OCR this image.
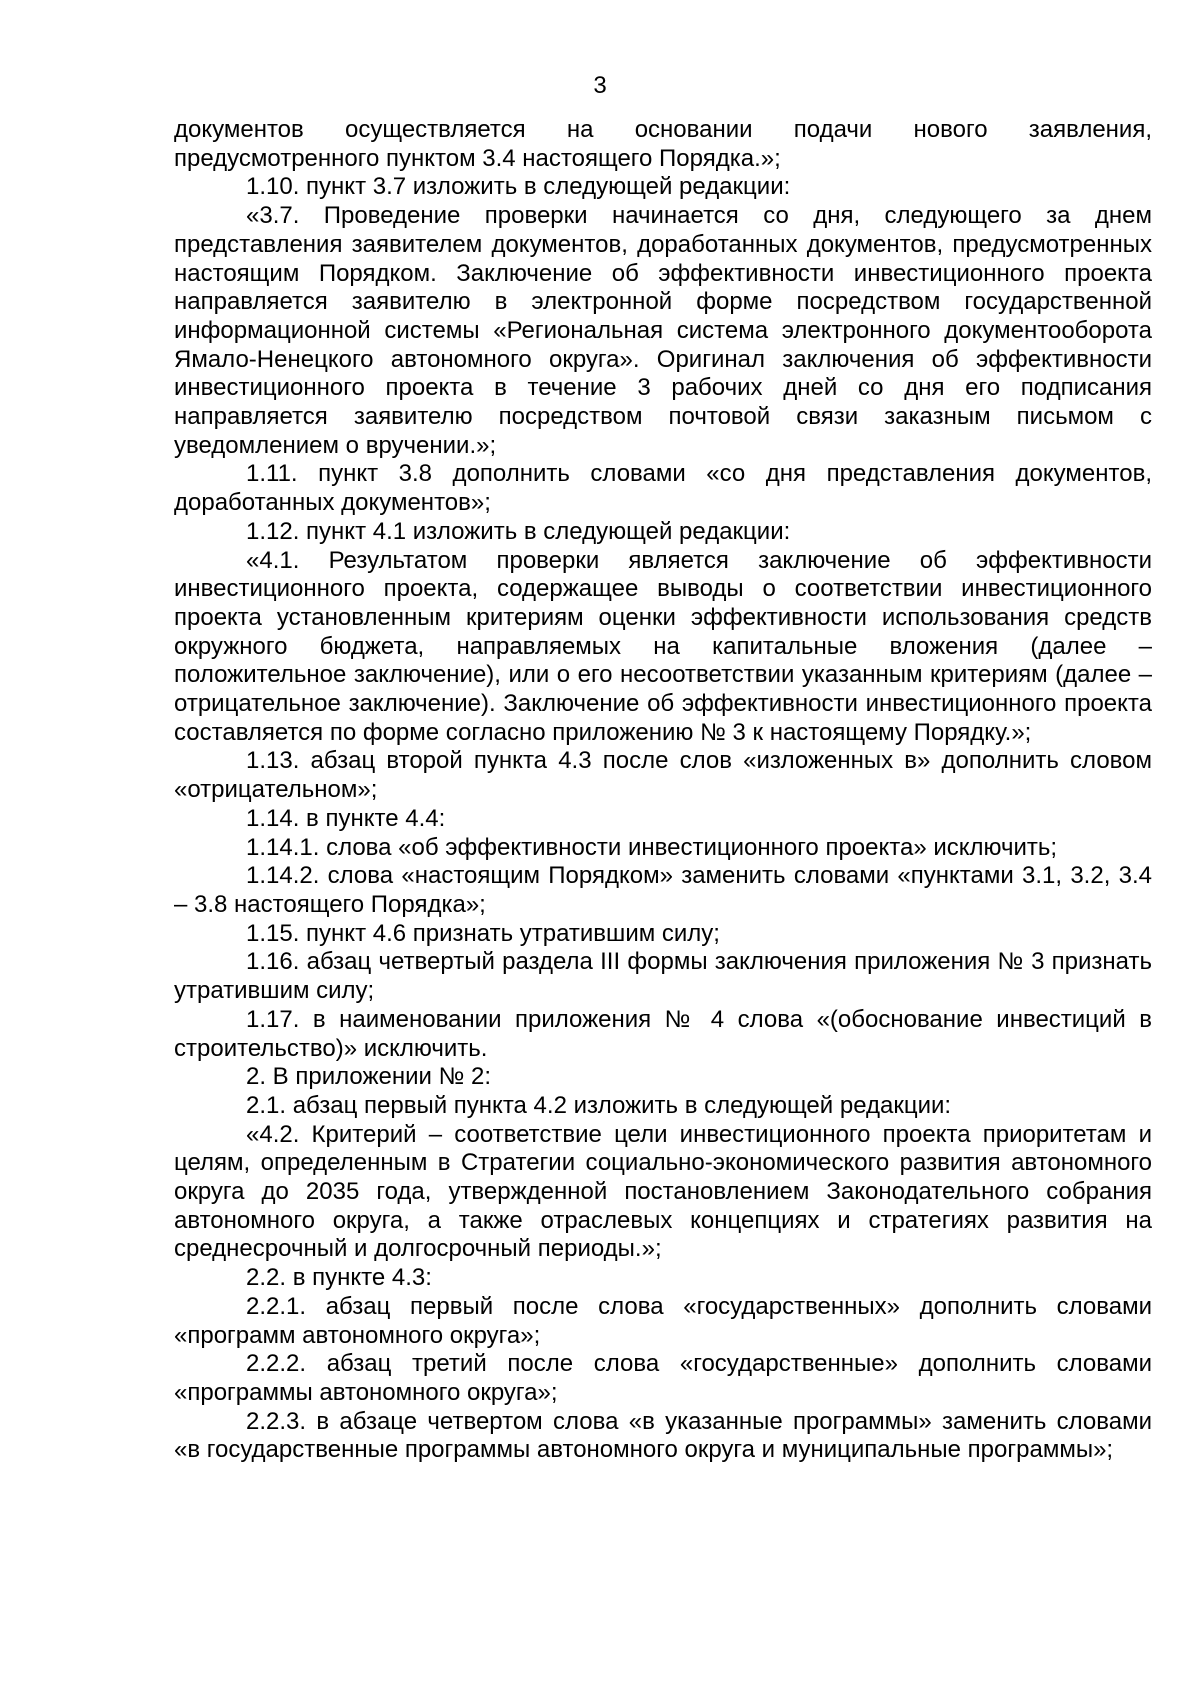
3

документов осуществляется на основании подачи нового заявления, предусмотренного пунктом 3.4 настоящего Порядка.»;

1.10. пункт 3.7 изложить в следующей редакции:

«3.7. Проведение проверки начинается со дня, следующего за днем представления заявителем документов, доработанных документов, предусмотренных настоящим Порядком. Заключение об эффективности инвестиционного проекта направляется заявителю в электронной форме посредством государственной информационной системы «Региональная система электронного документооборота Ямало-Ненецкого автономного округа». Оригинал заключения об эффективности инвестиционного проекта в течение 3 рабочих дней со дня его подписания направляется заявителю посредством почтовой связи заказным письмом с уведомлением о вручении.»;

1.11. пункт 3.8 дополнить словами «со дня представления документов, доработанных документов»;

1.12. пункт 4.1 изложить в следующей редакции:

«4.1. Результатом проверки является заключение об эффективности инвестиционного проекта, содержащее выводы о соответствии инвестиционного проекта установленным критериям оценки эффективности использования средств окружного бюджета, направляемых на капитальные вложения (далее – положительное заключение), или о его несоответствии указанным критериям (далее – отрицательное заключение). Заключение об эффективности инвестиционного проекта составляется по форме согласно приложению № 3 к настоящему Порядку.»;

1.13. абзац второй пункта 4.3 после слов «изложенных в» дополнить словом «отрицательном»;

1.14. в пункте 4.4:

1.14.1. слова «об эффективности инвестиционного проекта» исключить;

1.14.2. слова «настоящим Порядком» заменить словами «пунктами 3.1, 3.2, 3.4 – 3.8 настоящего Порядка»;

1.15. пункт 4.6 признать утратившим силу;

1.16. абзац четвертый раздела III формы заключения приложения № 3 признать утратившим силу;

1.17. в наименовании приложения № 4 слова «(обоснование инвестиций в строительство)» исключить.

2. В приложении № 2:

2.1. абзац первый пункта 4.2 изложить в следующей редакции:

«4.2. Критерий – соответствие цели инвестиционного проекта приоритетам и целям, определенным в Стратегии социально-экономического развития автономного округа до 2035 года, утвержденной постановлением Законодательного собрания автономного округа, а также отраслевых концепциях и стратегиях развития на среднесрочный и долгосрочный периоды.»;

2.2. в пункте 4.3:

2.2.1. абзац первый после слова «государственных» дополнить словами «программ автономного округа»;

2.2.2. абзац третий после слова «государственные» дополнить словами «программы автономного округа»;

2.2.3. в абзаце четвертом слова «в указанные программы» заменить словами «в государственные программы автономного округа и муниципальные программы»;
